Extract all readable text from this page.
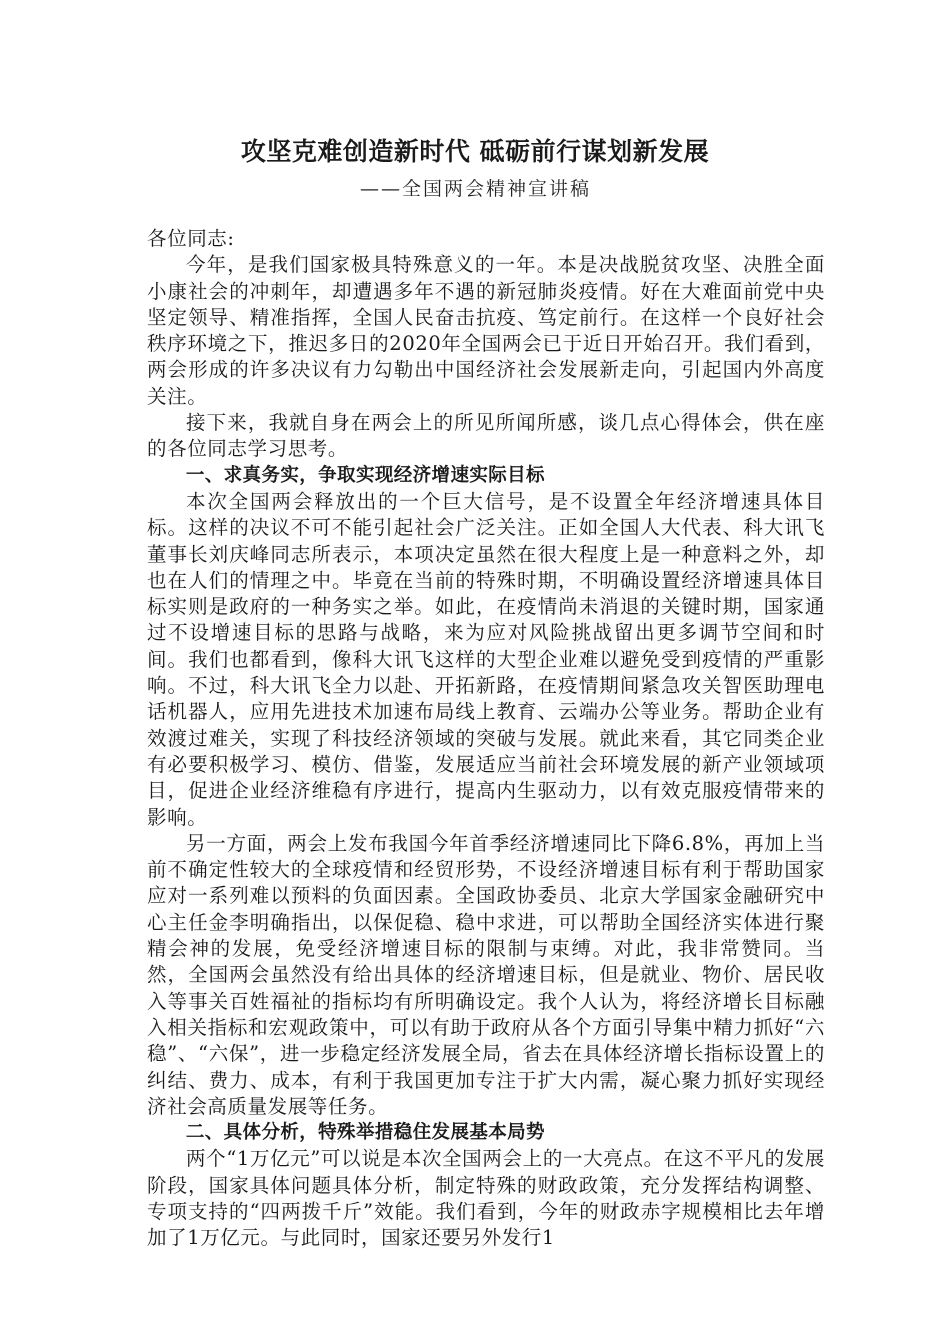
攻坚克难创造新时代 砥砺前行谋划新发展
——全国两会精神宣讲稿

各位同志:

今年，是我们国家极具特殊意义的一年。本是决战脱贫攻坚、决胜全面小康社会的冲刺年，却遭遇多年不遇的新冠肺炎疫情。好在大难面前党中央坚定领导、精准指挥，全国人民奋击抗疫、笃定前行。在这样一个良好社会秩序环境之下，推迟多日的2020年全国两会已于近日开始召开。我们看到，两会形成的许多决议有力勾勒出中国经济社会发展新走向，引起国内外高度关注。

接下来，我就自身在两会上的所见所闻所感，谈几点心得体会，供在座的各位同志学习思考。

一、求真务实，争取实现经济增速实际目标

本次全国两会释放出的一个巨大信号，是不设置全年经济增速具体目标。这样的决议不可不能引起社会广泛关注。正如全国人大代表、科大讯飞董事长刘庆峰同志所表示，本项决定虽然在很大程度上是一种意料之外，却也在人们的情理之中。毕竟在当前的特殊时期，不明确设置经济增速具体目标实则是政府的一种务实之举。如此，在疫情尚未消退的关键时期，国家通过不设增速目标的思路与战略，来为应对风险挑战留出更多调节空间和时间。我们也都看到，像科大讯飞这样的大型企业难以避免受到疫情的严重影响。不过，科大讯飞全力以赴、开拓新路，在疫情期间紧急攻关智医助理电话机器人，应用先进技术加速布局线上教育、云端办公等业务。帮助企业有效渡过难关，实现了科技经济领域的突破与发展。就此来看，其它同类企业有必要积极学习、模仿、借鉴，发展适应当前社会环境发展的新产业领域项目，促进企业经济维稳有序进行，提高内生驱动力，以有效克服疫情带来的影响。

另一方面，两会上发布我国今年首季经济增速同比下降6.8%，再加上当前不确定性较大的全球疫情和经贸形势，不设经济增速目标有利于帮助国家应对一系列难以预料的负面因素。全国政协委员、北京大学国家金融研究中心主任金李明确指出，以保促稳、稳中求进，可以帮助全国经济实体进行聚精会神的发展，免受经济增速目标的限制与束缚。对此，我非常赞同。当然，全国两会虽然没有给出具体的经济增速目标，但是就业、物价、居民收入等事关百姓福祉的指标均有所明确设定。我个人认为，将经济增长目标融入相关指标和宏观政策中，可以有助于政府从各个方面引导集中精力抓好“六稳”、“六保”，进一步稳定经济发展全局，省去在具体经济增长指标设置上的纠结、费力、成本，有利于我国更加专注于扩大内需，凝心聚力抓好实现经济社会高质量发展等任务。

二、具体分析，特殊举措稳住发展基本局势

两个“1万亿元”可以说是本次全国两会上的一大亮点。在这不平凡的发展阶段，国家具体问题具体分析，制定特殊的财政政策，充分发挥结构调整、专项支持的“四两拨千斤”效能。我们看到，今年的财政赤字规模相比去年增加了1万亿元。与此同时，国家还要另外发行1
